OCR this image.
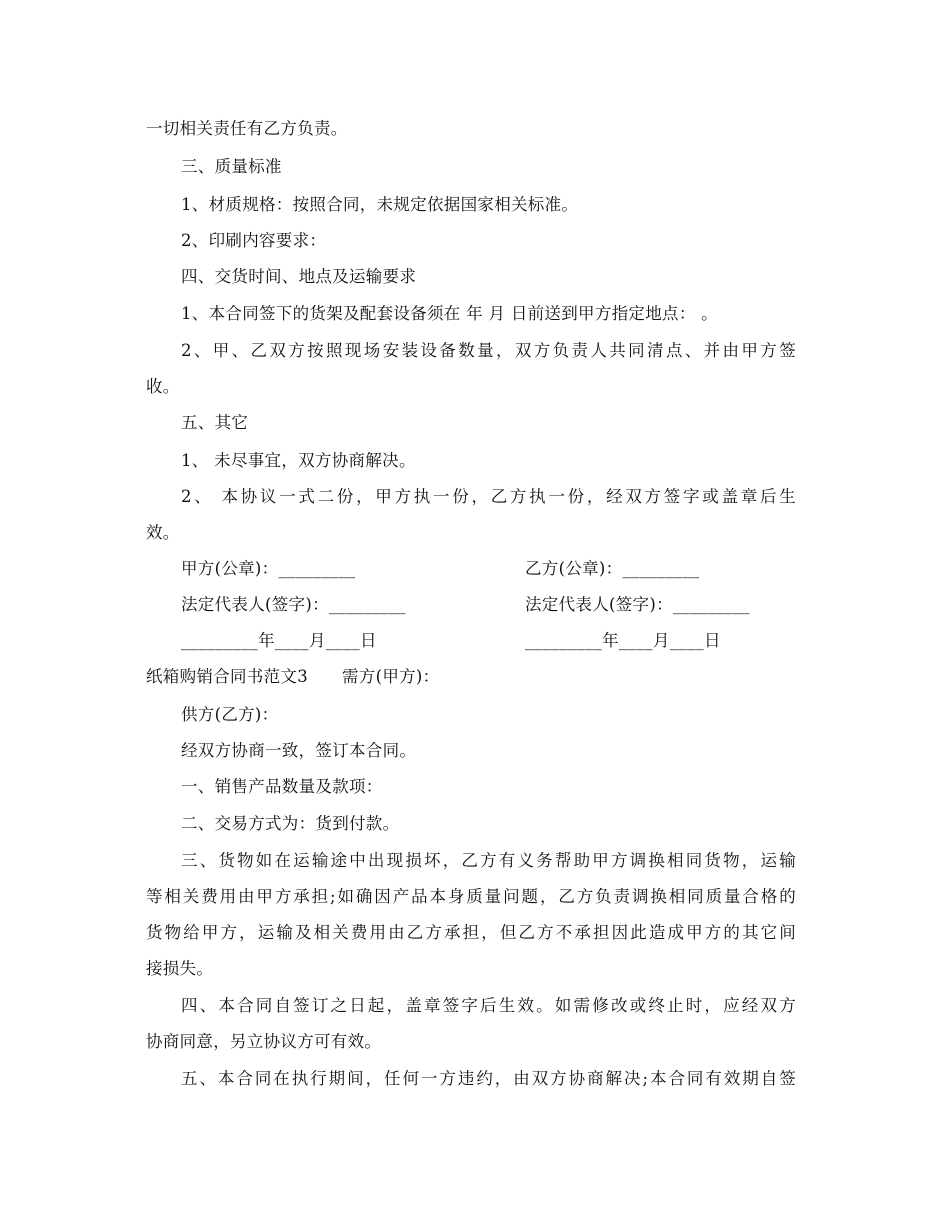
一切相关责任有乙方负责。
三、质量标准
1、材质规格：按照合同，未规定依据国家相关标准。
2、印刷内容要求：
四、交货时间、地点及运输要求
1、本合同签下的货架及配套设备须在 年 月 日前送到甲方指定地点： 。
2、甲、乙双方按照现场安装设备数量，双方负责人共同清点、并由甲方签
收。
五、其它
1、 未尽事宜，双方协商解决。
2、 本协议一式二份，甲方执一份，乙方执一份，经双方签字或盖章后生
效。
甲方(公章)：_________	乙方(公章)：_________
法定代表人(签字)：_________	法定代表人(签字)：_________
_________年____月____日	_________年____月____日
纸箱购销合同书范文3 需方(甲方)：
供方(乙方)：
经双方协商一致，签订本合同。
一、销售产品数量及款项：
二、交易方式为：货到付款。
三、货物如在运输途中出现损坏，乙方有义务帮助甲方调换相同货物，运输
等相关费用由甲方承担;如确因产品本身质量问题，乙方负责调换相同质量合格的
货物给甲方，运输及相关费用由乙方承担，但乙方不承担因此造成甲方的其它间
接损失。
四、本合同自签订之日起，盖章签字后生效。如需修改或终止时，应经双方
协商同意，另立协议方可有效。
五、本合同在执行期间，任何一方违约，由双方协商解决;本合同有效期自签
